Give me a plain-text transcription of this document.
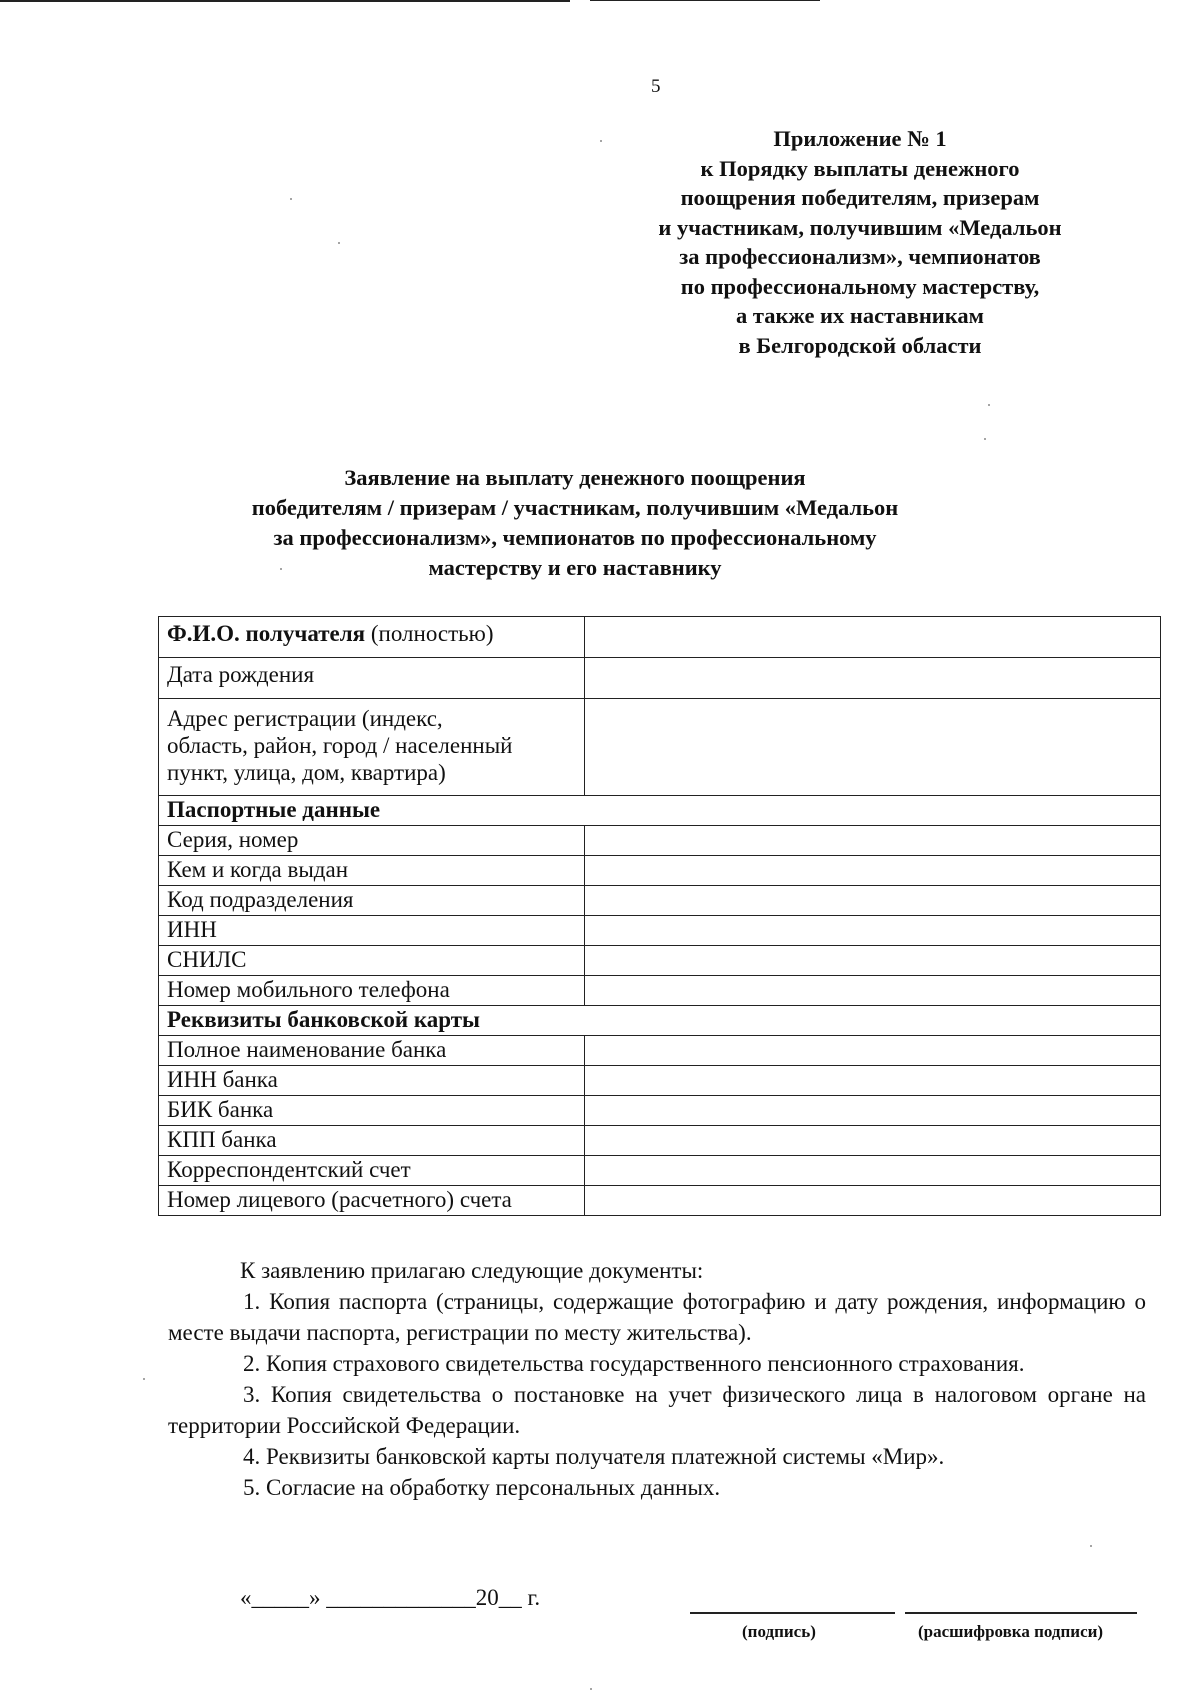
5
Приложение № 1
к Порядку выплаты денежного
поощрения победителям, призерам
и участникам, получившим «Медальон
за профессионализм», чемпионатов
по профессиональному мастерству,
а также их наставникам
в Белгородской области
Заявление на выплату денежного поощрения
победителям / призерам / участникам, получившим «Медальон
за профессионализм», чемпионатов по профессиональному
мастерству и его наставнику
Ф.И.О. получателя (полностью)	
Дата рождения	

Адрес регистрации (индекс,
область, район, город / населенный
пункт, улица, дом, квартира)	

Паспортные данные	
Серия, номер	
Кем и когда выдан	
Код подразделения	
ИНН	
СНИЛС	
Номер мобильного телефона	
Реквизиты банковской карты	
Полное наименование банка	
ИНН банка	
БИК банка	
КПП банка	
Корреспондентский счет	
Номер лицевого (расчетного) счета	

К заявлению прилагаю следующие документы:

1. Копия паспорта (страницы, содержащие фотографию и дату рождения, информацию о месте выдачи паспорта, регистрации по месту жительства).

2. Копия страхового свидетельства государственного пенсионного страхования.

3. Копия свидетельства о постановке на учет физического лица в налоговом органе на территории Российской Федерации.

4. Реквизиты банковской карты получателя платежной системы «Мир».

5. Согласие на обработку персональных данных.

«_____» _____________20__ г.
(подпись)	(расшифровка подписи)
